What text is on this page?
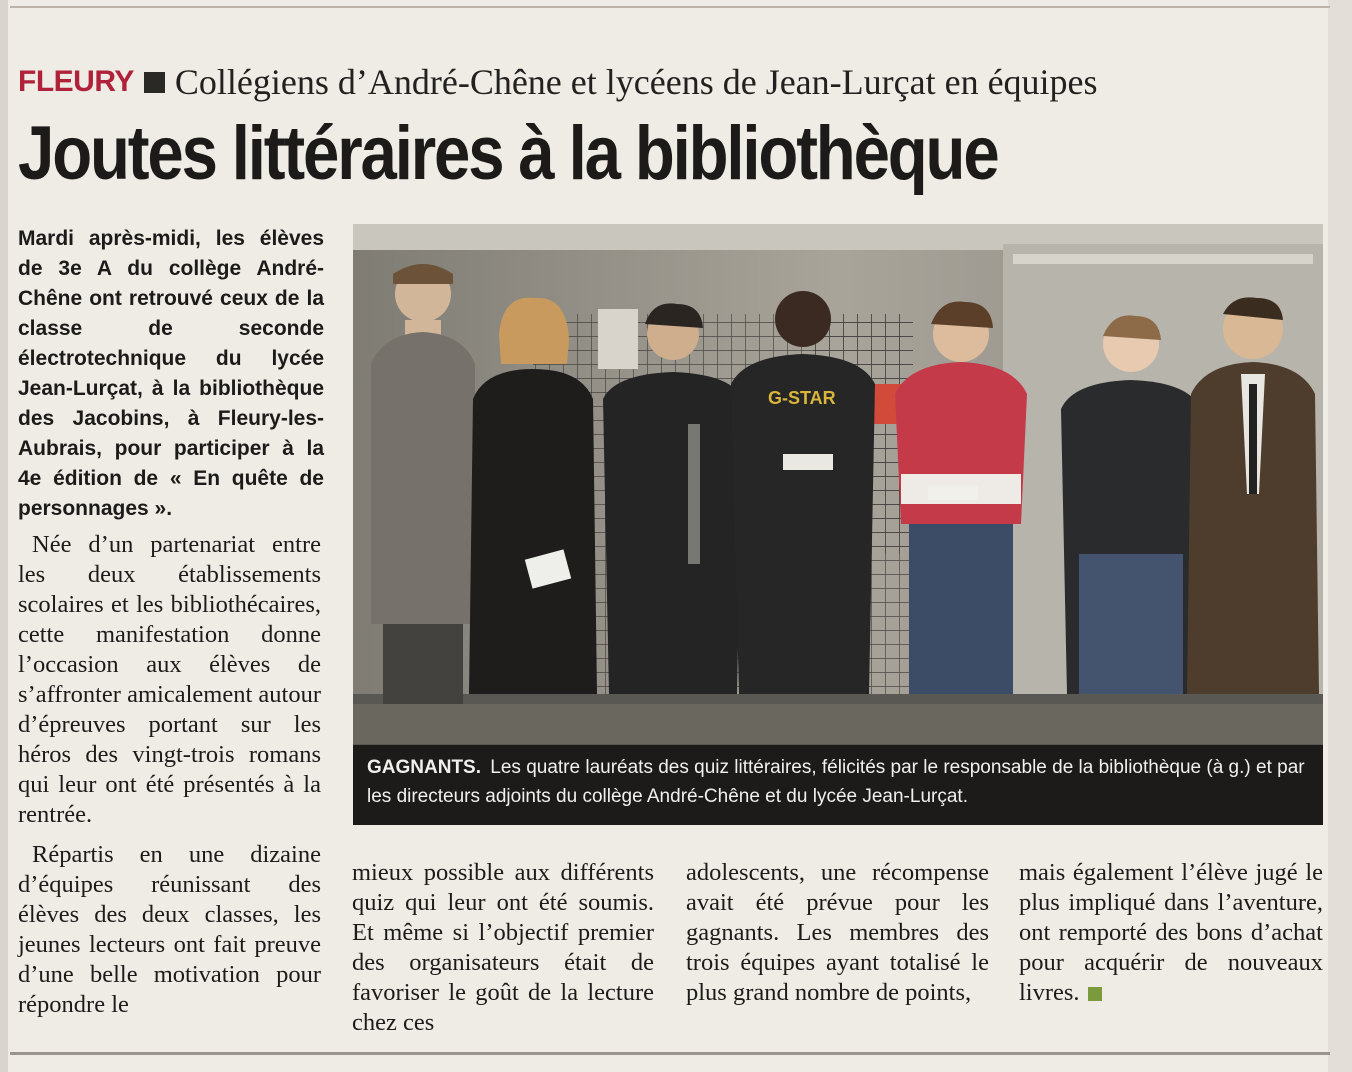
FLEURY Collégiens d’André-Chêne et lycéens de Jean-Lurçat en équipes
Joutes littéraires à la bibliothèque
Mardi après-midi, les élèves de 3e A du collège André-Chêne ont retrouvé ceux de la classe de seconde électrotechnique du lycée Jean-Lurçat, à la bibliothèque des Jacobins, à Fleury-les-Aubrais, pour participer à la 4e édition de « En quête de personnages ».

Née d’un partenariat entre les deux établissements scolaires et les bibliothécaires, cette manifestation donne l’occasion aux élèves de s’affronter amicalement autour d’épreuves portant sur les héros des vingt-trois romans qui leur ont été présentés à la rentrée.

Répartis en une dizaine d’équipes réunissant des élèves des deux classes, les jeunes lecteurs ont fait preuve d’une belle motivation pour répondre le

G-STAR
GAGNANTS. Les quatre lauréats des quiz littéraires, félicités par le responsable de la bibliothèque (à g.) et par les directeurs adjoints du collège André-Chêne et du lycée Jean-Lurçat.

mieux possible aux différents quiz qui leur ont été soumis. Et même si l’objectif premier des organisateurs était de favoriser le goût de la lecture chez ces

adolescents, une récompense avait été prévue pour les gagnants. Les membres des trois équipes ayant totalisé le plus grand nombre de points,

mais également l’élève jugé le plus impliqué dans l’aventure, ont remporté des bons d’achat pour acquérir de nouveaux livres.
